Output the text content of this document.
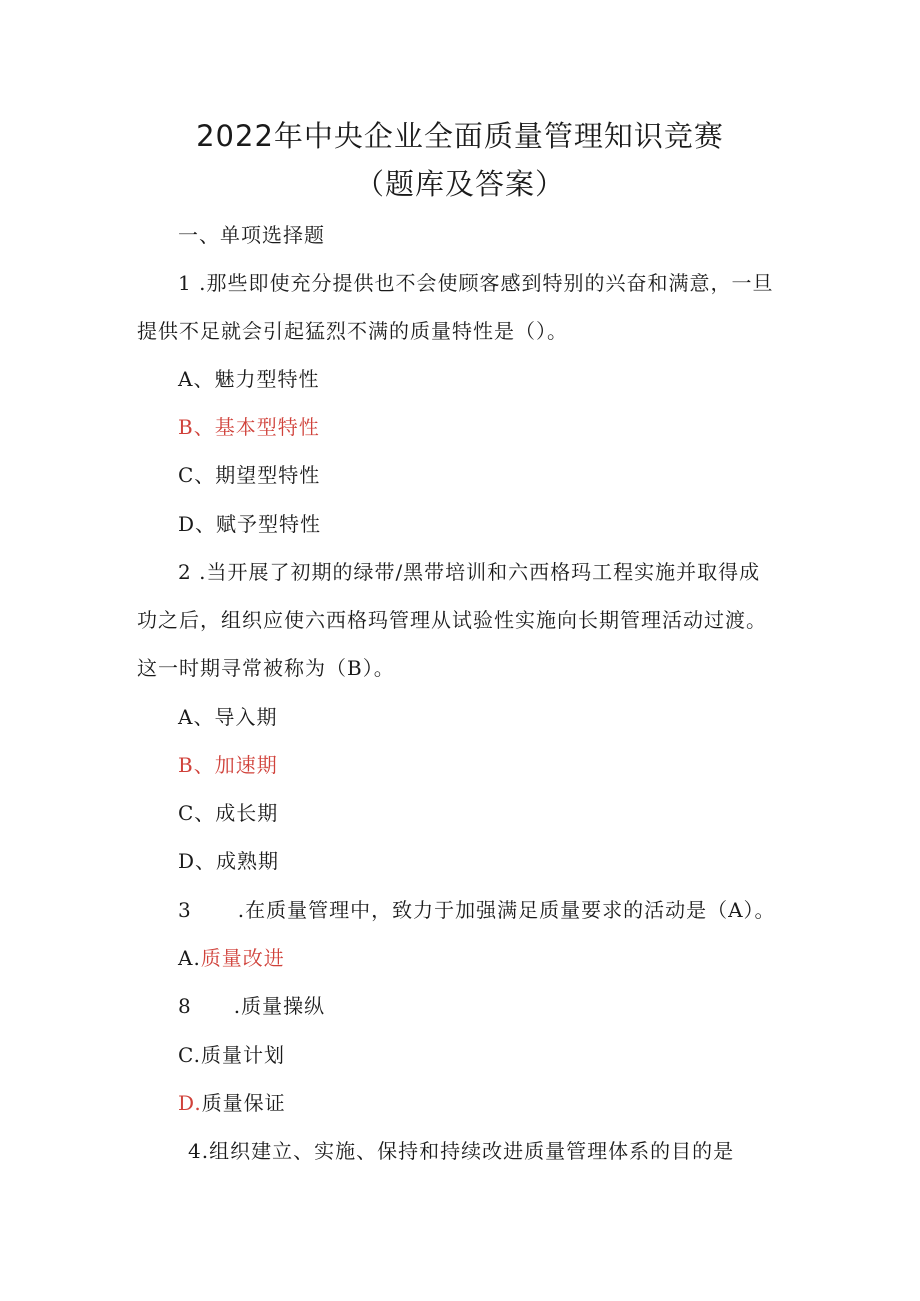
2022年中央企业全面质量管理知识竞赛
（题库及答案）
一、单项选择题
1 .那些即使充分提供也不会使顾客感到特别的兴奋和满意，一旦
提供不足就会引起猛烈不满的质量特性是（）。
A、魅力型特性
B、基本型特性
C、期望型特性
D、赋予型特性
2 .当开展了初期的绿带/黑带培训和六西格玛工程实施并取得成
功之后，组织应使六西格玛管理从试验性实施向长期管理活动过渡。
这一时期寻常被称为（B）。
A、导入期
B、加速期
C、成长期
D、成熟期
3 .在质量管理中，致力于加强满足质量要求的活动是（A）。
A.质量改进
8 .质量操纵
C.质量计划
D.质量保证
4.组织建立、实施、保持和持续改进质量管理体系的目的是
